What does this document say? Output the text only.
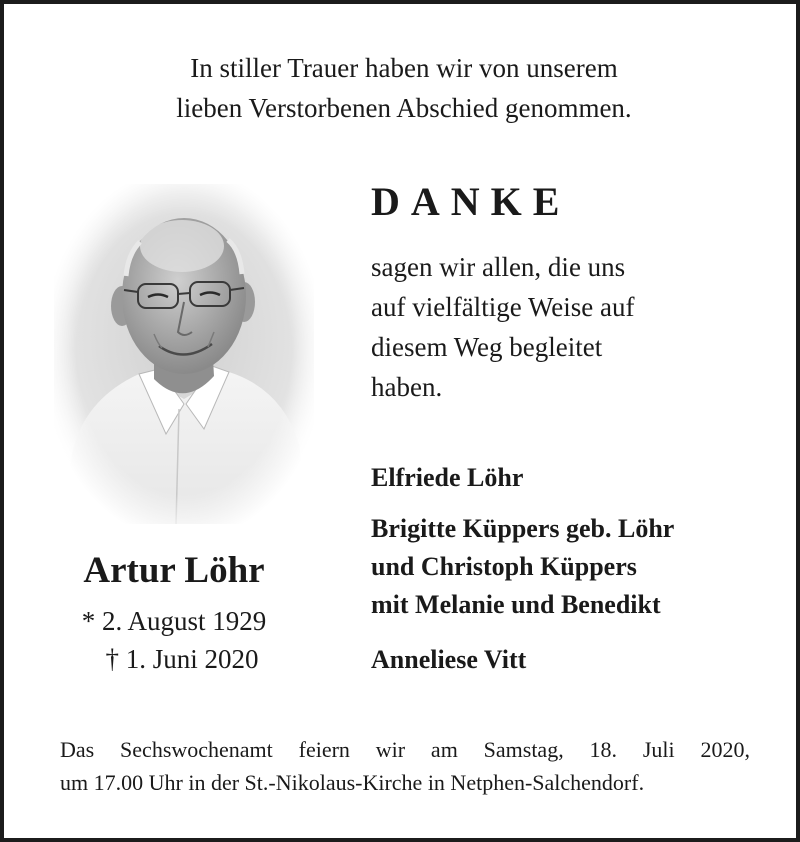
In stiller Trauer haben wir von unserem
lieben Verstorbenen Abschied genommen.
DANKE
sagen wir allen, die uns
auf vielfältige Weise auf
diesem Weg begleitet
haben.
Elfriede Löhr
Brigitte Küppers geb. Löhr
und Christoph Küppers
mit Melanie und Benedikt
Anneliese Vitt
Artur Löhr
* 2. August 1929
† 1. Juni 2020
Das Sechswochenamt feiern wir am Samstag, 18. Juli 2020,
um 17.00 Uhr in der St.-Nikolaus-Kirche in Netphen-Salchendorf.
